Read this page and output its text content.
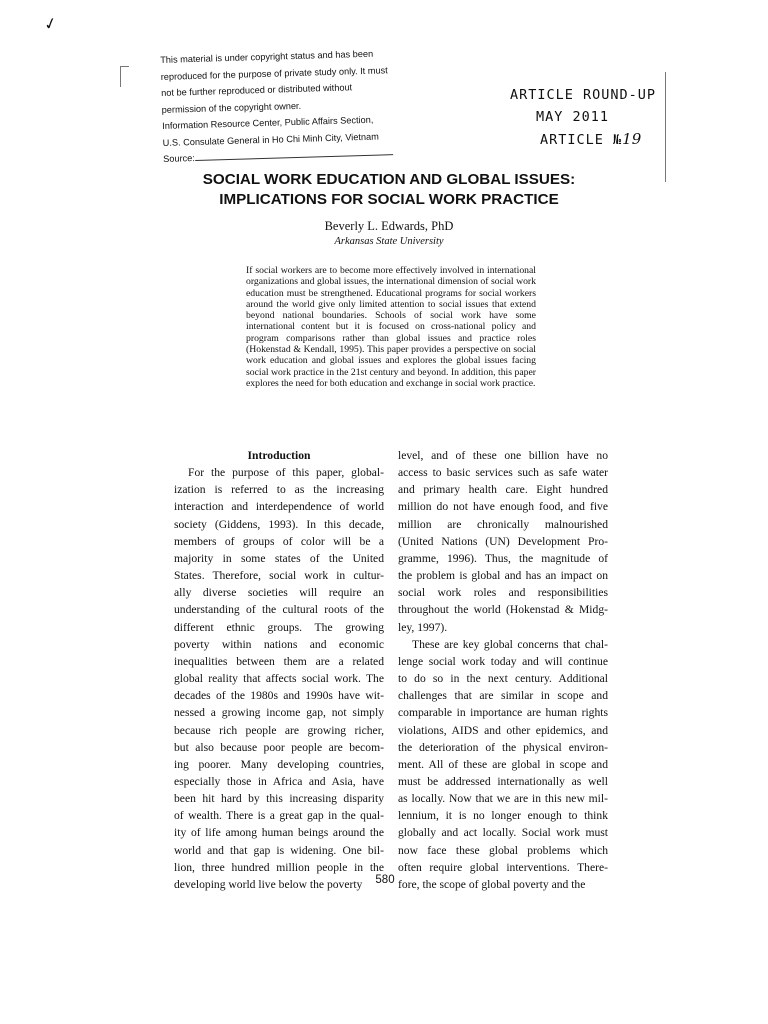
✓
This material is under copyright status and has been
reproduced for the purpose of private study only. It must
not be further reproduced or distributed without
permission of the copyright owner.
Information Resource Center, Public Affairs Section,
U.S. Consulate General in Ho Chi Minh City, Vietnam
Source:
ARTICLE ROUND-UP
MAY 2011
ARTICLE №19
SOCIAL WORK EDUCATION AND GLOBAL ISSUES:
IMPLICATIONS FOR SOCIAL WORK PRACTICE
Beverly L. Edwards, PhD
Arkansas State University
If social workers are to become more effectively involved in international organizations and global issues, the international dimension of social work education must be strengthened. Educational programs for social workers around the world give only limited attention to social issues that extend beyond national boundaries. Schools of social work have some international content but it is focused on cross-national policy and program comparisons rather than global issues and practice roles (Hokenstad & Kendall, 1995). This paper provides a perspective on social work education and global issues and explores the global issues facing social work practice in the 21st century and beyond. In addition, this paper explores the need for both education and exchange in social work practice.
Introduction
For the purpose of this paper, global-
ization is referred to as the increasing
interaction and interdependence of world
society (Giddens, 1993). In this decade,
members of groups of color will be a
majority in some states of the United
States. Therefore, social work in cultur-
ally diverse societies will require an
understanding of the cultural roots of the
different ethnic groups. The growing
poverty within nations and economic
inequalities between them are a related
global reality that affects social work. The
decades of the 1980s and 1990s have wit-
nessed a growing income gap, not simply
because rich people are growing richer,
but also because poor people are becom-
ing poorer. Many developing countries,
especially those in Africa and Asia, have
been hit hard by this increasing disparity
of wealth. There is a great gap in the qual-
ity of life among human beings around the
world and that gap is widening. One bil-
lion, three hundred million people in the
developing world live below the poverty
level, and of these one billion have no
access to basic services such as safe water
and primary health care. Eight hundred
million do not have enough food, and five
million are chronically malnourished
(United Nations (UN) Development Pro-
gramme, 1996). Thus, the magnitude of
the problem is global and has an impact on
social work roles and responsibilities
throughout the world (Hokenstad & Midg-
ley, 1997).
These are key global concerns that chal-
lenge social work today and will continue
to do so in the next century. Additional
challenges that are similar in scope and
comparable in importance are human rights
violations, AIDS and other epidemics, and
the deterioration of the physical environ-
ment. All of these are global in scope and
must be addressed internationally as well
as locally. Now that we are in this new mil-
lennium, it is no longer enough to think
globally and act locally. Social work must
now face these global problems which
often require global interventions. There-
fore, the scope of global poverty and the
580
